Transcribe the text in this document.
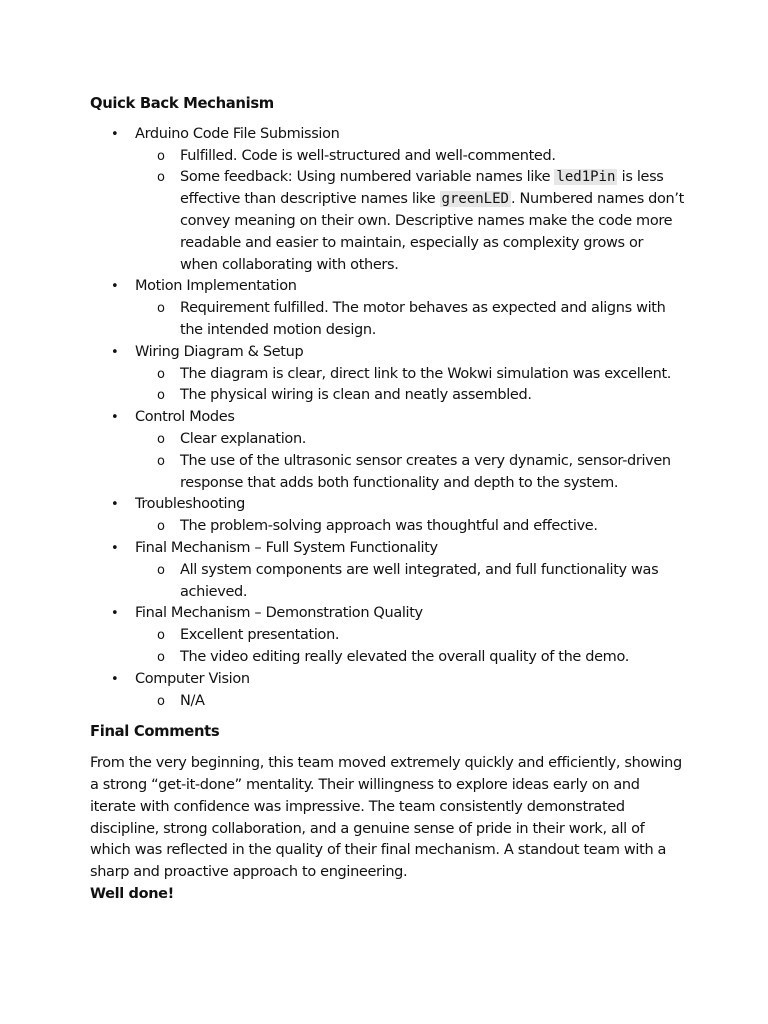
Quick Back Mechanism

• Arduino Code File Submission
o Fulfilled. Code is well-structured and well-commented.
o Some feedback: Using numbered variable names like led1Pin is less effective than descriptive names like greenLED . Numbered names don’t convey meaning on their own. Descriptive names make the code more readable and easier to maintain, especially as complexity grows or when collaborating with others.
• Motion Implementation
o Requirement fulfilled. The motor behaves as expected and aligns with the intended motion design.
• Wiring Diagram & Setup
o The diagram is clear, direct link to the Wokwi simulation was excellent.
o The physical wiring is clean and neatly assembled.
• Control Modes
o Clear explanation.
o The use of the ultrasonic sensor creates a very dynamic, sensor-driven response that adds both functionality and depth to the system.
• Troubleshooting
o The problem-solving approach was thoughtful and effective.
• Final Mechanism – Full System Functionality
o All system components are well integrated, and full functionality was achieved.
• Final Mechanism – Demonstration Quality
o Excellent presentation.
o The video editing really elevated the overall quality of the demo.
• Computer Vision
o N/A

Final Comments

From the very beginning, this team moved extremely quickly and efficiently, showing a strong “get-it-done” mentality. Their willingness to explore ideas early on and iterate with confidence was impressive. The team consistently demonstrated discipline, strong collaboration, and a genuine sense of pride in their work, all of which was reflected in the quality of their final mechanism. A standout team with a sharp and proactive approach to engineering.

Well done!
